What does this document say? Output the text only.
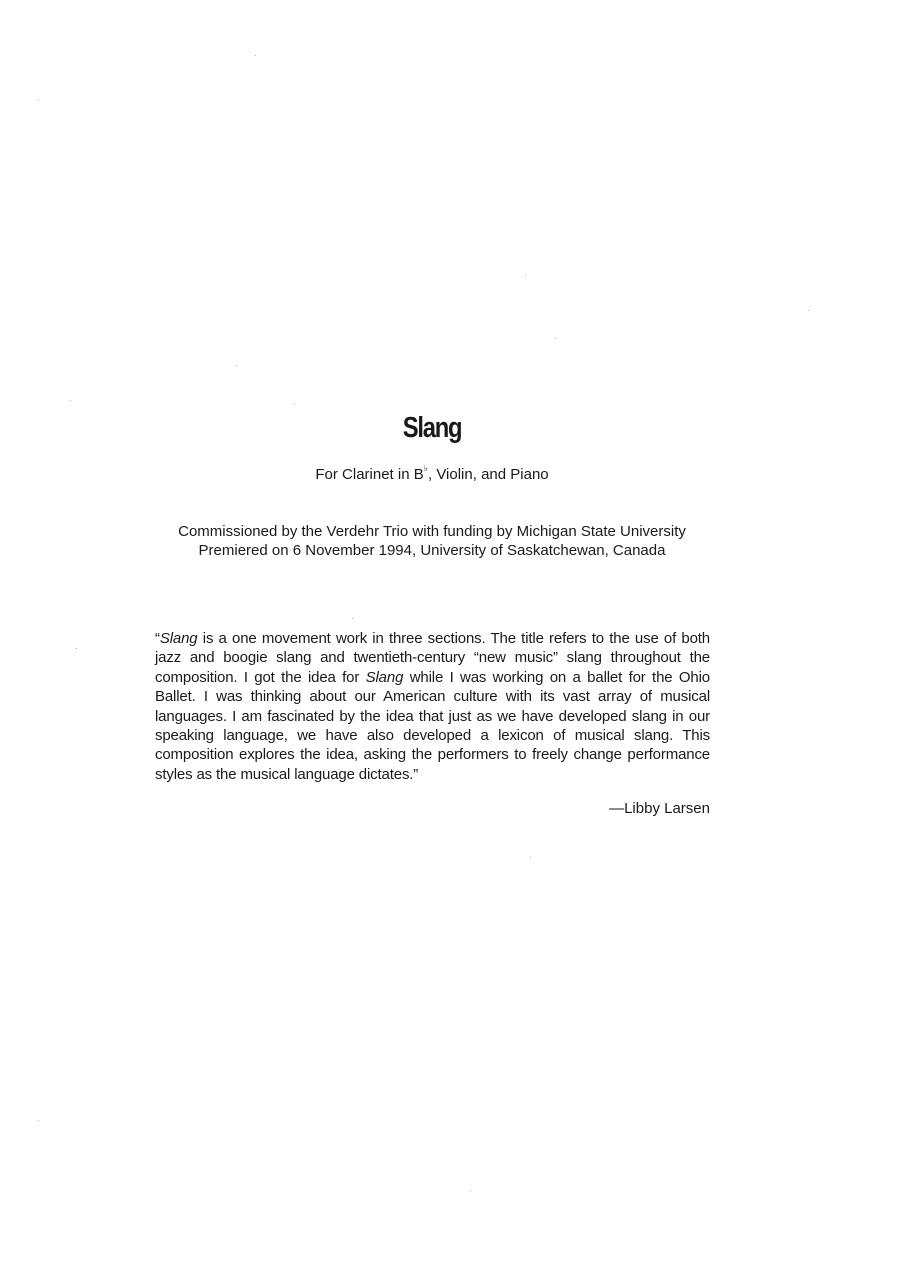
Slang

For Clarinet in B♭, Violin, and Piano

Commissioned by the Verdehr Trio with funding by Michigan State University
Premiered on 6 November 1994, University of Saskatchewan, Canada

“Slang is a one movement work in three sections. The title refers to the use of both jazz and boogie slang and twentieth-century “new music” slang throughout the composition. I got the idea for Slang while I was working on a ballet for the Ohio Ballet. I was thinking about our American culture with its vast array of musical languages. I am fascinated by the idea that just as we have developed slang in our speaking language, we have also developed a lexicon of musical slang. This composition explores the idea, asking the performers to freely change performance styles as the musical language dictates.”

—Libby Larsen
